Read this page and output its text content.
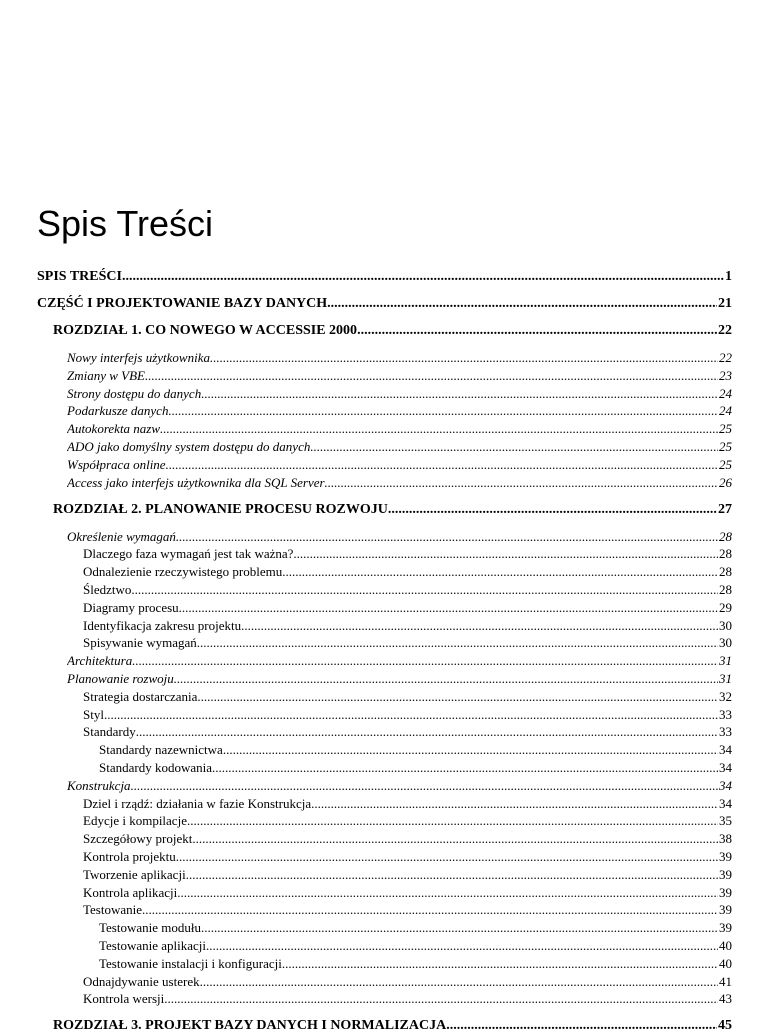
Spis Treści
SPIS TREŚCI .....	1
CZĘŚĆ I PROJEKTOWANIE BAZY DANYCH .....	21
ROZDZIAŁ 1. CO NOWEGO W ACCESSIE 2000 .....	22
Nowy interfejs użytkownika .....	22
Zmiany w VBE .....	23
Strony dostępu do danych .....	24
Podarkusze danych .....	24
Autokorekta nazw .....	25
ADO jako domyślny system dostępu do danych .....	25
Współpraca online .....	25
Access jako interfejs użytkownika dla SQL Server .....	26
ROZDZIAŁ 2. PLANOWANIE PROCESU ROZWOJU .....	27
Określenie wymagań .....	28
Dlaczego faza wymagań jest tak ważna? .....	28
Odnalezienie rzeczywistego problemu .....	28
Śledztwo .....	28
Diagramy procesu .....	29
Identyfikacja zakresu projektu .....	30
Spisywanie wymagań .....	30
Architektura .....	31
Planowanie rozwoju .....	31
Strategia dostarczania .....	32
Styl .....	33
Standardy .....	33
Standardy nazewnictwa .....	34
Standardy kodowania .....	34
Konstrukcja .....	34
Dziel i rządź: działania w fazie Konstrukcja .....	34
Edycje i kompilacje .....	35
Szczegółowy projekt .....	38
Kontrola projektu .....	39
Tworzenie aplikacji .....	39
Kontrola aplikacji .....	39
Testowanie .....	39
Testowanie modułu .....	39
Testowanie aplikacji .....	40
Testowanie instalacji i konfiguracji .....	40
Odnajdywanie usterek .....	41
Kontrola wersji .....	43
ROZDZIAŁ 3. PROJEKT BAZY DANYCH I NORMALIZACJA .....	45
